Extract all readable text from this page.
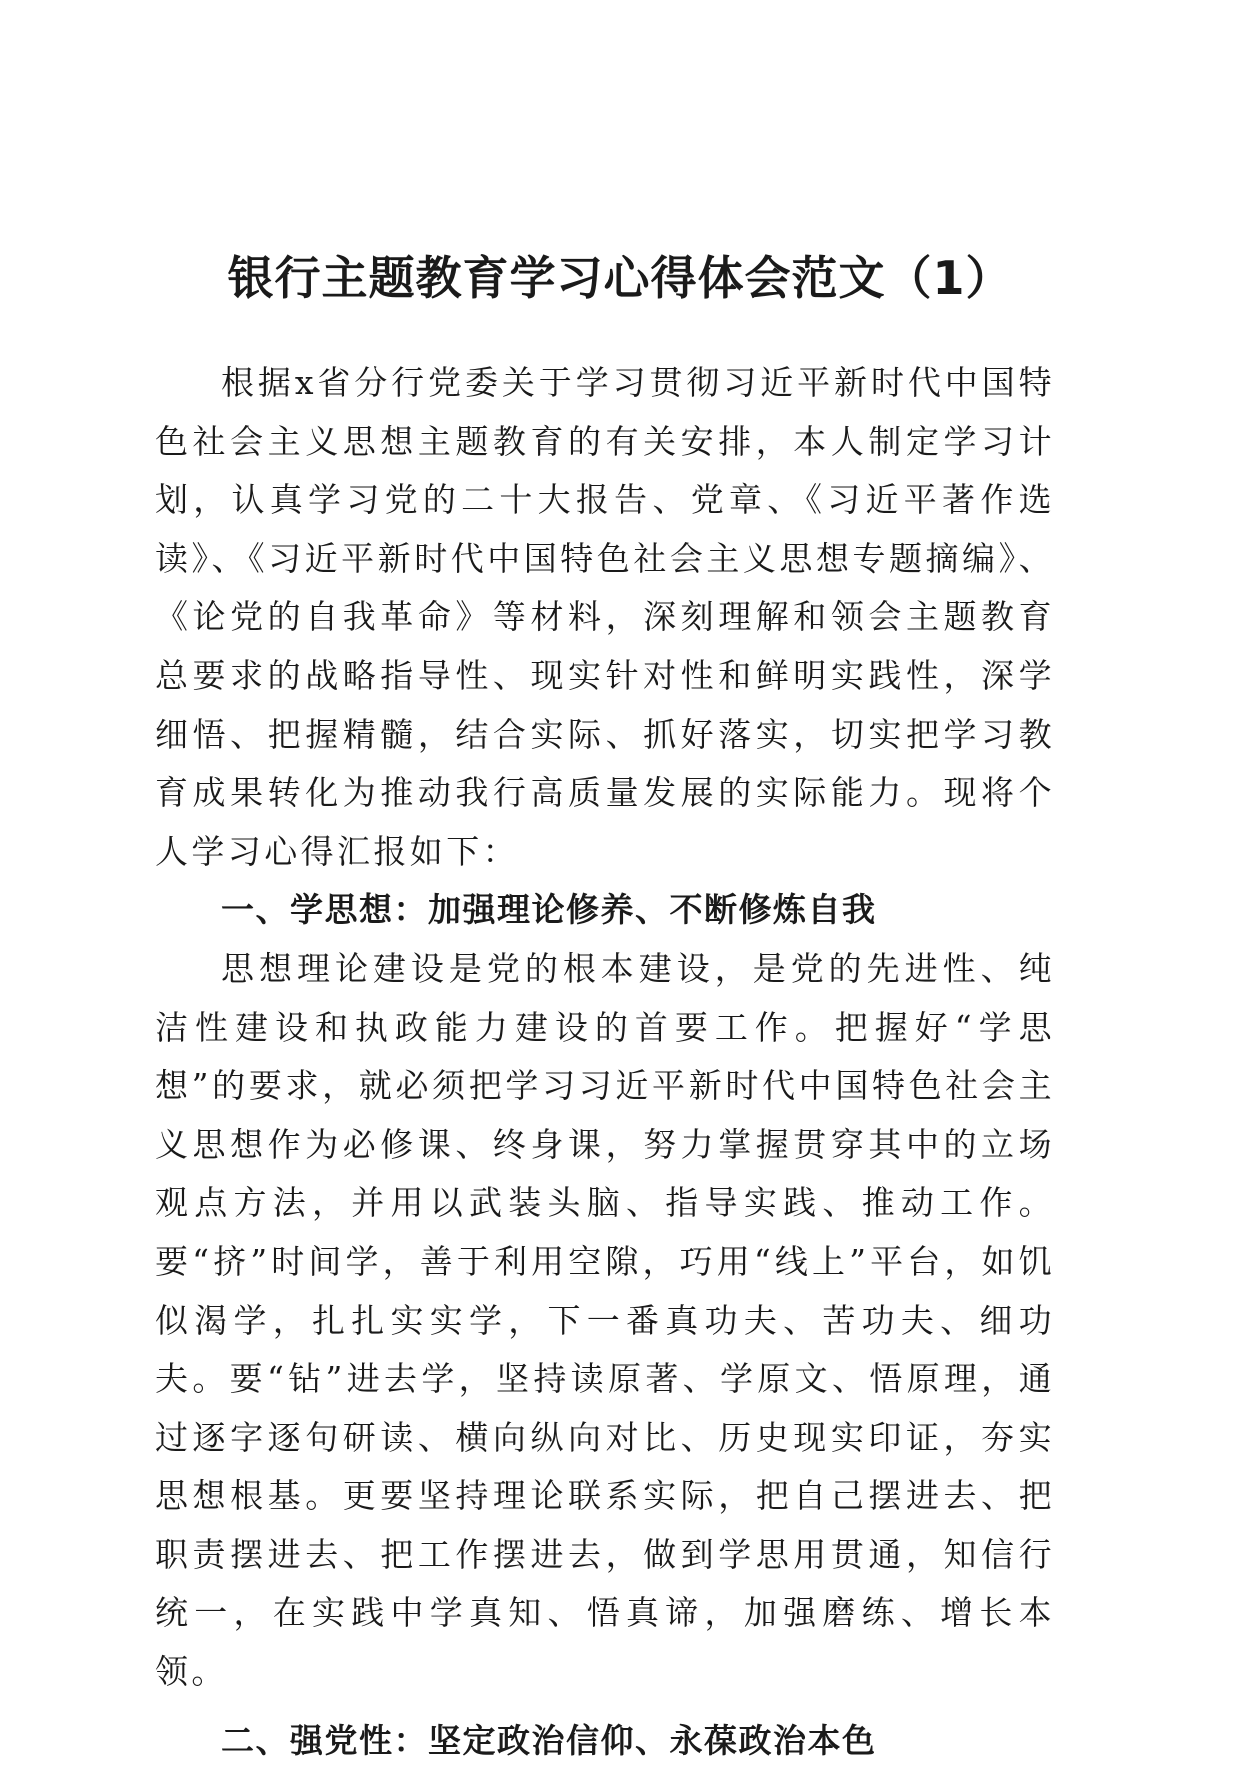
银行主题教育学习心得体会范文（1）

根据x省分行党委关于学习贯彻习近平新时代中国特色社会主义思想主题教育的有关安排，本人制定学习计划，认真学习党的二十大报告、党章、《习近平著作选读》、《习近平新时代中国特色社会主义思想专题摘编》、《论党的自我革命》等材料，深刻理解和领会主题教育总要求的战略指导性、现实针对性和鲜明实践性，深学细悟、把握精髓，结合实际、抓好落实，切实把学习教育成果转化为推动我行高质量发展的实际能力。现将个人学习心得汇报如下：

一、学思想：加强理论修养、不断修炼自我

思想理论建设是党的根本建设，是党的先进性、纯洁性建设和执政能力建设的首要工作。把握好“学思想”的要求，就必须把学习习近平新时代中国特色社会主义思想作为必修课、终身课，努力掌握贯穿其中的立场观点方法，并用以武装头脑、指导实践、推动工作。要“挤”时间学，善于利用空隙，巧用“线上”平台，如饥似渴学，扎扎实实学，下一番真功夫、苦功夫、细功夫。要“钻”进去学，坚持读原著、学原文、悟原理，通过逐字逐句研读、横向纵向对比、历史现实印证，夯实思想根基。更要坚持理论联系实际，把自己摆进去、把职责摆进去、把工作摆进去，做到学思用贯通，知信行统一，在实践中学真知、悟真谛，加强磨练、增长本领。

二、强党性：坚定政治信仰、永葆政治本色
